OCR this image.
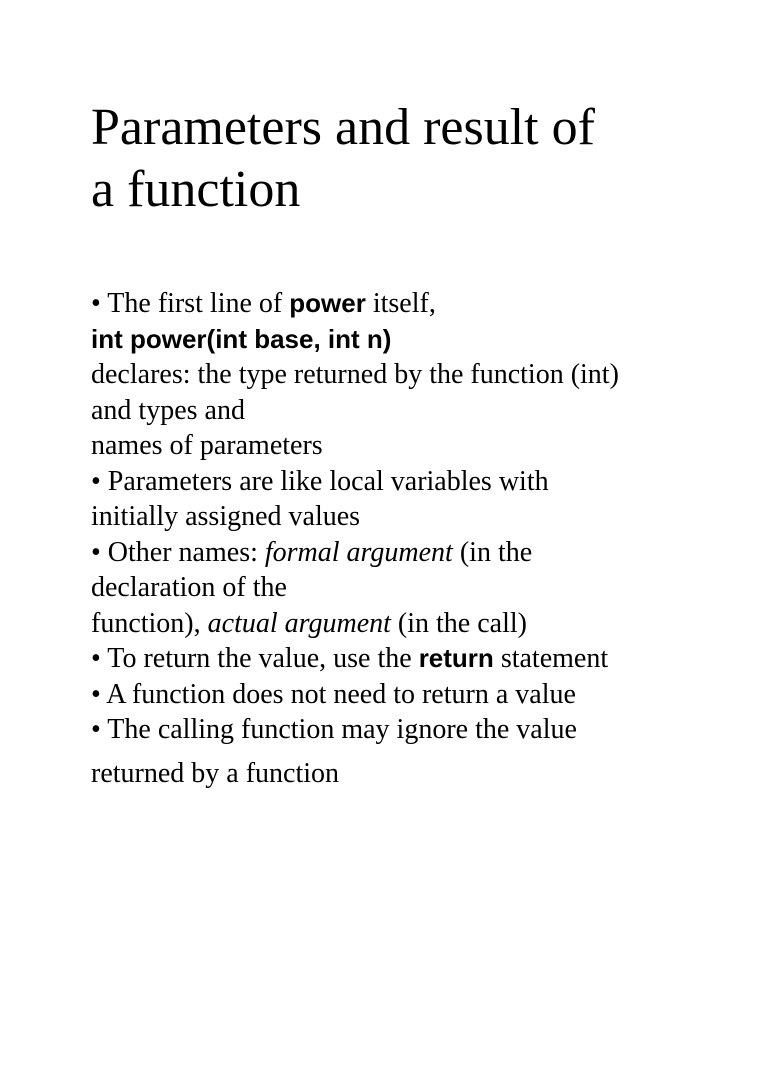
Parameters and result of
a function
• The first line of power itself,
int power(int base, int n)
declares: the type returned by the function (int)
and types and
names of parameters
• Parameters are like local variables with
initially assigned values
• Other names: formal argument (in the
declaration of the
function), actual argument (in the call)
• To return the value, use the return statement
• A function does not need to return a value
• The calling function may ignore the value
returned by a function
